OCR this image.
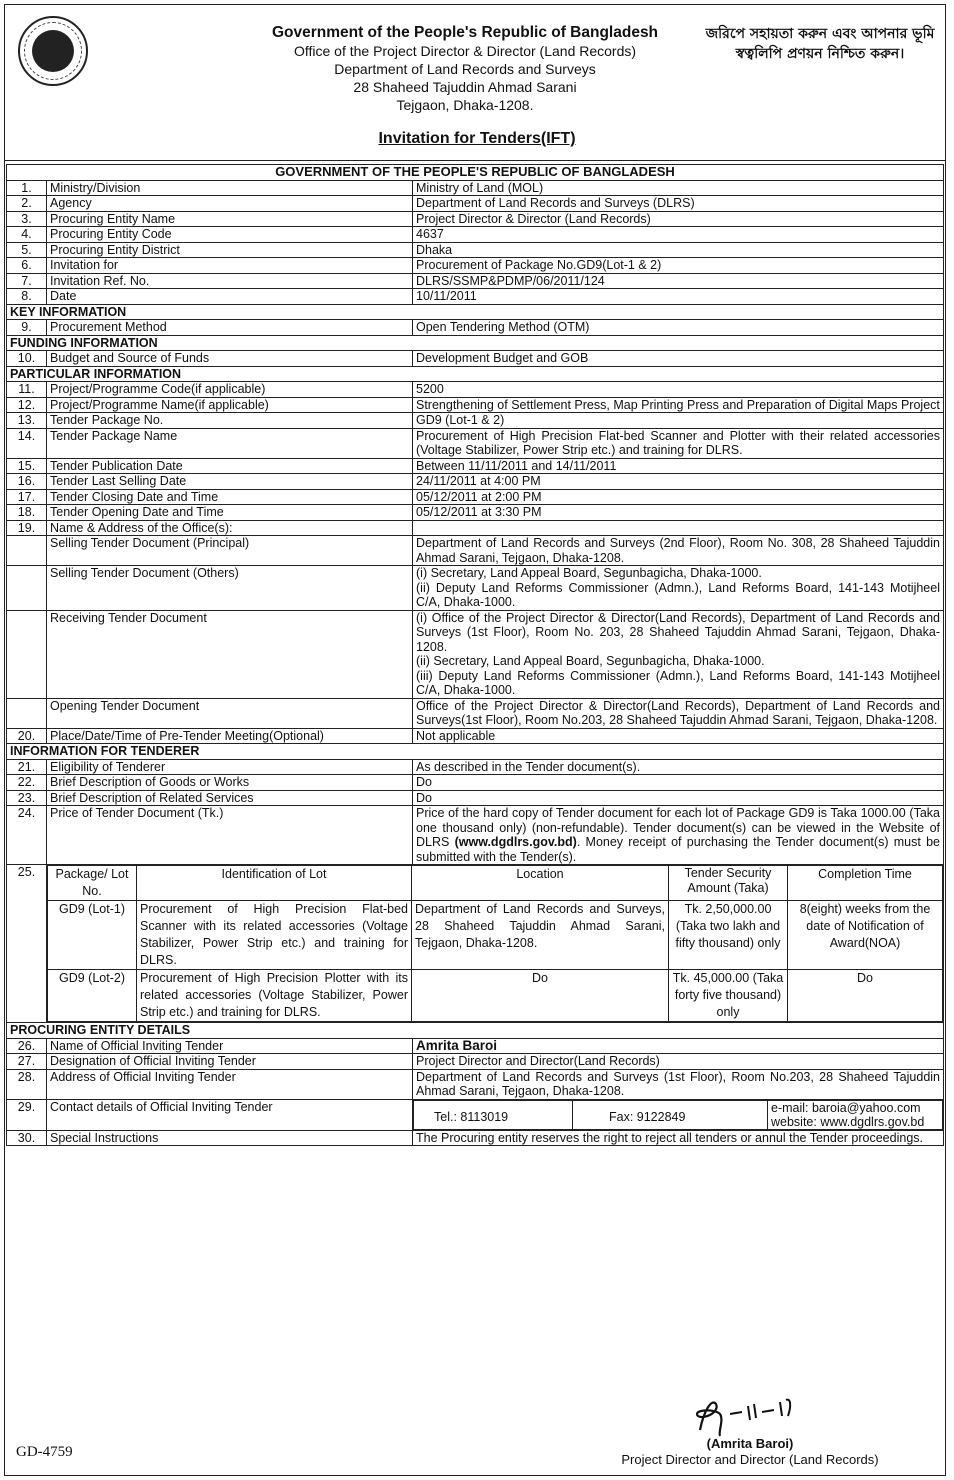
Government of the People's Republic of Bangladesh
Office of the Project Director & Director (Land Records)
Department of Land Records and Surveys
28 Shaheed Tajuddin Ahmad Sarani
Tejgaon, Dhaka-1208.
জরিপে সহায়তা করুন এবং আপনার ভূমি
স্বত্বলিপি প্রণয়ন নিশ্চিত করুন।
Invitation for Tenders(IFT)
GOVERNMENT OF THE PEOPLE'S REPUBLIC OF BANGLADESH
1.	Ministry/Division	Ministry of Land (MOL)
2.	Agency	Department of Land Records and Surveys (DLRS)
3.	Procuring Entity Name	Project Director & Director (Land Records)
4.	Procuring Entity Code	4637
5.	Procuring Entity District	Dhaka
6.	Invitation for	Procurement of Package No.GD9(Lot-1 & 2)
7.	Invitation Ref. No.	DLRS/SSMP&PDMP/06/2011/124
8.	Date	10/11/2011
KEY INFORMATION
9.	Procurement Method	Open Tendering Method (OTM)
FUNDING INFORMATION
10.	Budget and Source of Funds	Development Budget and GOB
PARTICULAR INFORMATION
11.	Project/Programme Code(if applicable)	5200
12.	Project/Programme Name(if applicable)	Strengthening of Settlement Press, Map Printing Press and Preparation of Digital Maps Project
13.	Tender Package No.	GD9 (Lot-1 & 2)
14.	Tender Package Name	Procurement of High Precision Flat-bed Scanner and Plotter with their related accessories (Voltage Stabilizer, Power Strip etc.) and training for DLRS.
15.	Tender Publication Date	Between 11/11/2011 and 14/11/2011
16.	Tender Last Selling Date	24/11/2011 at 4:00 PM
17.	Tender Closing Date and Time	05/12/2011 at 2:00 PM
18.	Tender Opening Date and Time	05/12/2011 at 3:30 PM
19.	Name & Address of the Office(s):	
	Selling Tender Document (Principal)	Department of Land Records and Surveys (2nd Floor), Room No. 308, 28 Shaheed Tajuddin Ahmad Sarani, Tejgaon, Dhaka-1208.
	Selling Tender Document (Others)	(i) Secretary, Land Appeal Board, Segunbagicha, Dhaka-1000.
(ii) Deputy Land Reforms Commissioner (Admn.), Land Reforms Board, 141-143 Motijheel C/A, Dhaka-1000.

	Receiving Tender Document	(i) Office of the Project Director & Director(Land Records), Department of Land Records and Surveys (1st Floor), Room No. 203, 28 Shaheed Tajuddin Ahmad Sarani, Tejgaon, Dhaka-1208.
(ii) Secretary, Land Appeal Board, Segunbagicha, Dhaka-1000.
(iii) Deputy Land Reforms Commissioner (Admn.), Land Reforms Board, 141-143 Motijheel C/A, Dhaka-1000.

	Opening Tender Document	Office of the Project Director & Director(Land Records), Department of Land Records and Surveys(1st Floor), Room No.203, 28 Shaheed Tajuddin Ahmad Sarani, Tejgaon, Dhaka-1208.
20.	Place/Date/Time of Pre-Tender Meeting(Optional)	Not applicable
INFORMATION FOR TENDERER
21.	Eligibility of Tenderer	As described in the Tender document(s).
22.	Brief Description of Goods or Works	Do
23.	Brief Description of Related Services	Do
24.	Price of Tender Document (Tk.)	Price of the hard copy of Tender document for each lot of Package GD9 is Taka 1000.00 (Taka one thousand only) (non-refundable). Tender document(s) can be viewed in the Website of DLRS (www.dgdlrs.gov.bd). Money receipt of purchasing the Tender document(s) must be submitted with the Tender(s).
25.	Package/ Lot No.	Identification of Lot	Location	Tender Security Amount (Taka)	Completion Time
GD9 (Lot-1)	Procurement of High Precision Flat-bed Scanner with its related accessories (Voltage Stabilizer, Power Strip etc.) and training for DLRS.	Department of Land Records and Surveys, 28 Shaheed Tajuddin Ahmad Sarani, Tejgaon, Dhaka-1208.	Tk. 2,50,000.00 (Taka two lakh and fifty thousand) only	8(eight) weeks from the date of Notification of Award(NOA)
GD9 (Lot-2)	Procurement of High Precision Plotter with its related accessories (Voltage Stabilizer, Power Strip etc.) and training for DLRS.	Do	Tk. 45,000.00 (Taka forty five thousand) only	Do

PROCURING ENTITY DETAILS
26.	Name of Official Inviting Tender	Amrita Baroi
27.	Designation of Official Inviting Tender	Project Director and Director(Land Records)
28.	Address of Official Inviting Tender	Department of Land Records and Surveys (1st Floor), Room No.203, 28 Shaheed Tajuddin Ahmad Sarani, Tejgaon, Dhaka-1208.
29.	Contact details of Official Inviting Tender	
Tel.: 8113019	Fax: 9122849	
e-mail: baroia@yahoo.com
website: www.dgdlrs.gov.bd

30.	Special Instructions	The Procuring entity reserves the right to reject all tenders or annul the Tender proceedings.
GD-4759
(Amrita Baroi)
Project Director and Director (Land Records)
